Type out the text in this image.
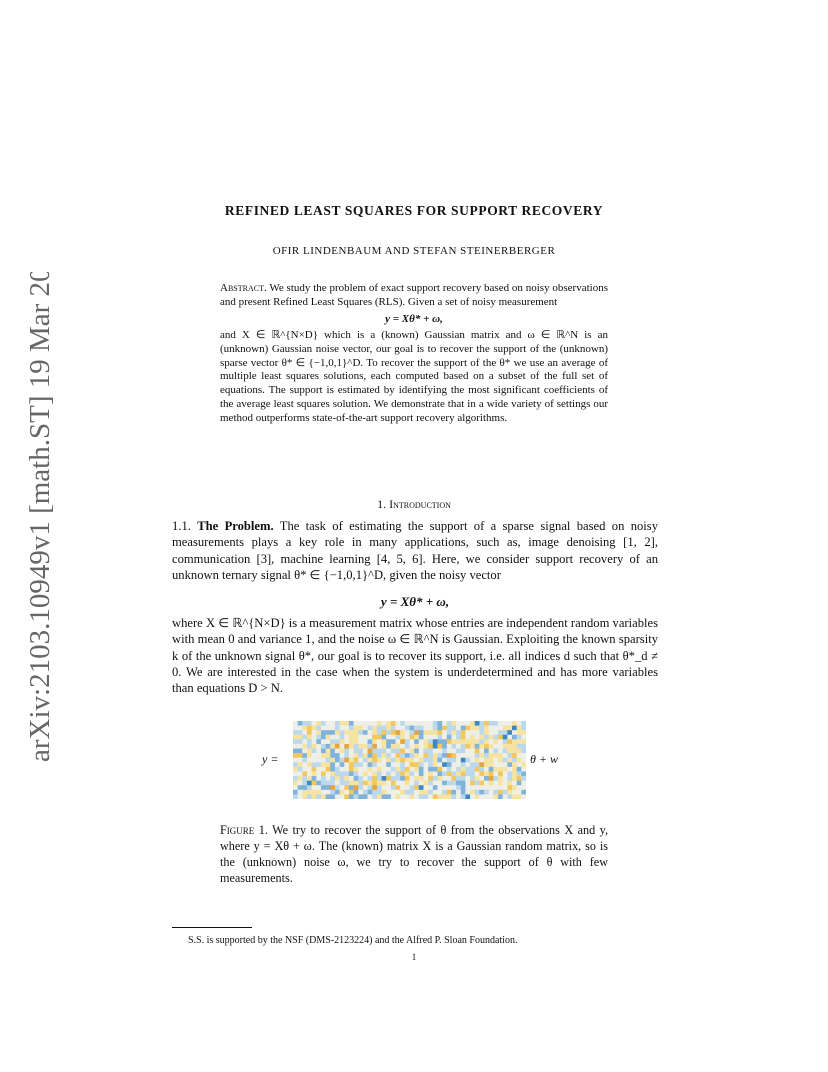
arXiv:2103.10949v1 [math.ST] 19 Mar 2021
REFINED LEAST SQUARES FOR SUPPORT RECOVERY
OFIR LINDENBAUM AND STEFAN STEINERBERGER

Abstract. We study the problem of exact support recovery based on noisy observations and present Refined Least Squares (RLS). Given a set of noisy measurement

y = Xθ* + ω,

and X ∈ ℝ^{N×D} which is a (known) Gaussian matrix and ω ∈ ℝ^N is an (unknown) Gaussian noise vector, our goal is to recover the support of the (unknown) sparse vector θ* ∈ {−1,0,1}^D. To recover the support of the θ* we use an average of multiple least squares solutions, each computed based on a subset of the full set of equations. The support is estimated by identifying the most significant coefficients of the average least squares solution. We demonstrate that in a wide variety of settings our method outperforms state-of-the-art support recovery algorithms.

1. Introduction

1.1. The Problem. The task of estimating the support of a sparse signal based on noisy measurements plays a key role in many applications, such as, image denoising [1, 2], communication [3], machine learning [4, 5, 6]. Here, we consider support recovery of an unknown ternary signal θ* ∈ {−1,0,1}^D, given the noisy vector

y = Xθ* + ω,

where X ∈ ℝ^{N×D} is a measurement matrix whose entries are independent random variables with mean 0 and variance 1, and the noise ω ∈ ℝ^N is Gaussian. Exploiting the known sparsity k of the unknown signal θ*, our goal is to recover its support, i.e. all indices d such that θ*_d ≠ 0. We are interested in the case when the system is underdetermined and has more variables than equations D > N.

y =	θ + w
Figure 1. We try to recover the support of θ from the observations X and y, where y = Xθ + ω. The (known) matrix X is a Gaussian random matrix, so is the (unknown) noise ω, we try to recover the support of θ with few measurements.
S.S. is supported by the NSF (DMS-2123224) and the Alfred P. Sloan Foundation.
1
